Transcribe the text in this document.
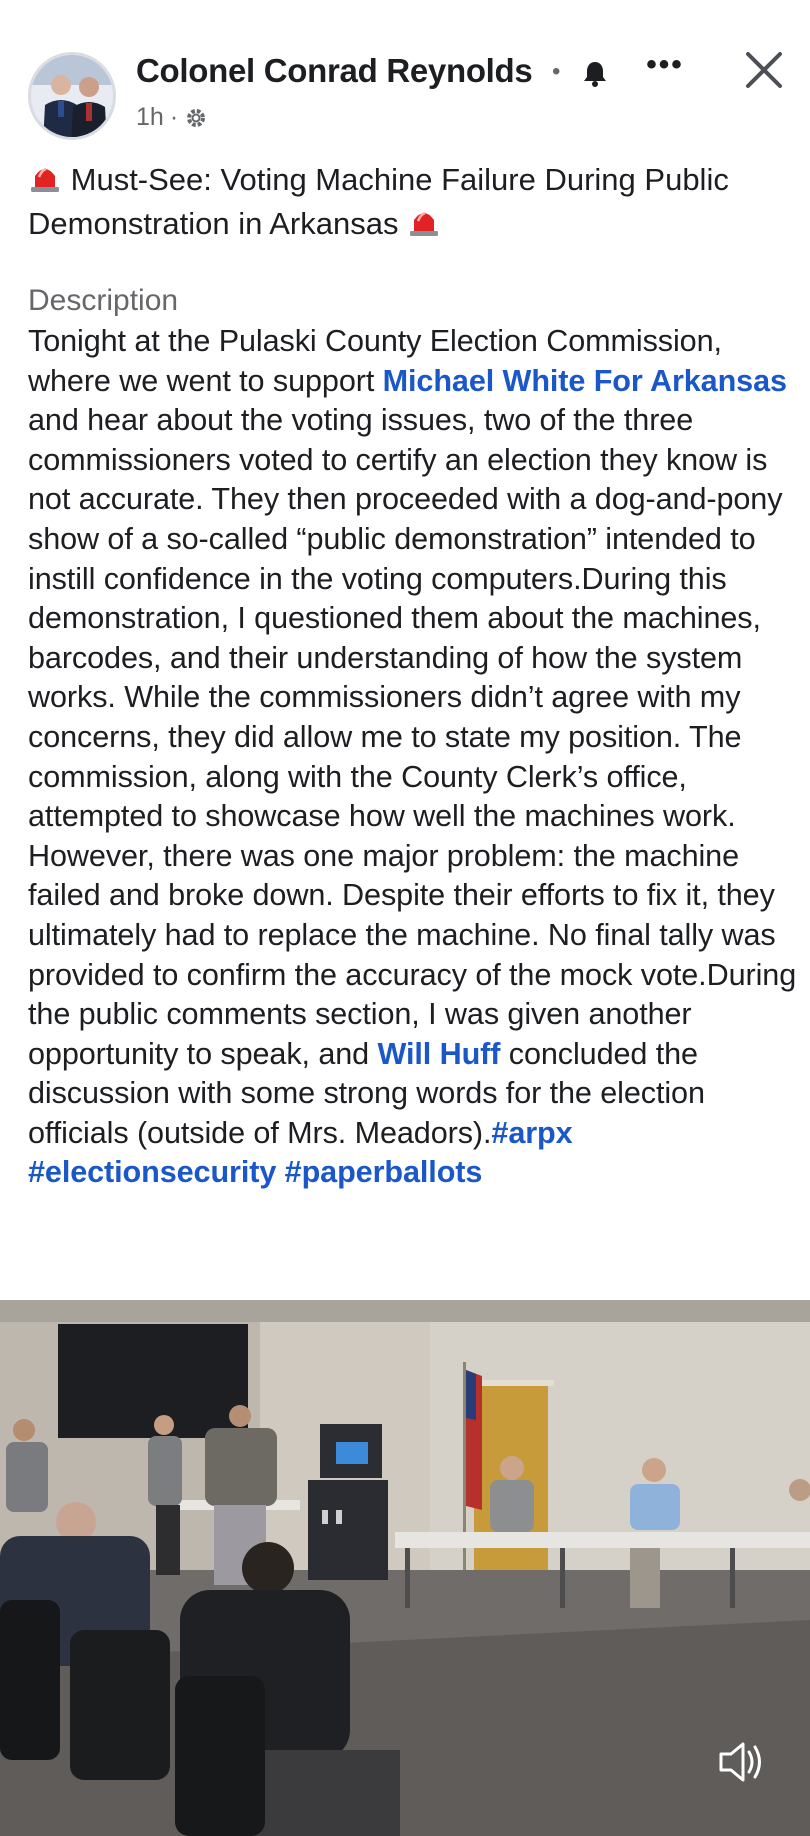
Colonel Conrad Reynolds •	•••
1h ·
Must-See: Voting Machine Failure During Public Demonstration in Arkansas
Description
Tonight at the Pulaski County Election Commission, where we went to support Michael White For Arkansas and hear about the voting issues, two of the three commissioners voted to certify an election they know is not accurate. They then proceeded with a dog-and-pony show of a so-called “public demonstration” intended to instill confidence in the voting computers.During this demonstration, I questioned them about the machines, barcodes, and their understanding of how the system works. While the commissioners didn’t agree with my concerns, they did allow me to state my position. The commission, along with the County Clerk’s office, attempted to showcase how well the machines work. However, there was one major problem: the machine failed and broke down. Despite their efforts to fix it, they ultimately had to replace the machine. No final tally was provided to confirm the accuracy of the mock vote.During the public comments section, I was given another opportunity to speak, and Will Huff concluded the discussion with some strong words for the election officials (outside of Mrs. Meadors).#arpx #electionsecurity #paperballots
